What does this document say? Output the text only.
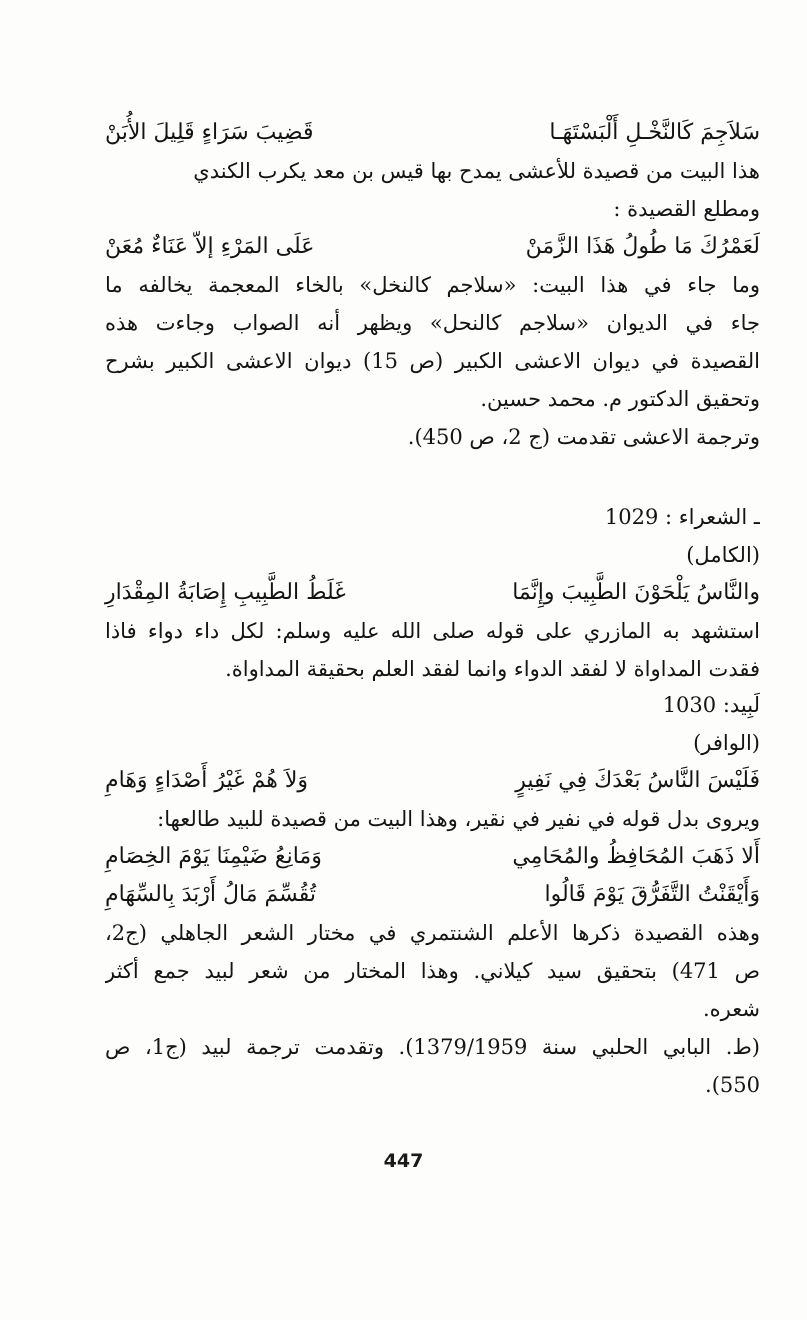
سَلاَجِمَ كَالنَّخْـلِ أَلْبَسْتَهَـا
قَضِيبَ سَرَاءٍ قَلِيلَ الأُبَنْ
هذا البيت من قصيدة للأعشى يمدح بها قيس بن معد يكرب الكندي
ومطلع القصيدة :
لَعَمْرُكَ مَا طُولُ هَذَا الزَّمَنْ
عَلَى المَرْءِ إلاّ عَنَاءٌ مُعَنْ
وما جاء في هذا البيت: «سلاجم كالنخل» بالخاء المعجمة يخالفه ما
جاء في الديوان «سلاجم كالنحل» ويظهر أنه الصواب وجاءت هذه
القصيدة في ديوان الاعشى الكبير (ص 15) ديوان الاعشى الكبير بشرح
وتحقيق الدكتور م. محمد حسين.
وترجمة الاعشى تقدمت (ج 2، ص 450).
ـ الشعراء : 1029
(الكامل)
والنَّاسُ يَلْحَوْنَ الطَّبِيبَ وإِنَّمَا
غَلَطُ الطَّبِيبِ إِصَابَةُ المِقْدَارِ
استشهد به المازري على قوله صلى الله عليه وسلم: لكل داء دواء فاذا
فقدت المداواة لا لفقد الدواء وانما لفقد العلم بحقيقة المداواة.
لَبِيد: 1030
(الوافر)
فَلَيْسَ النَّاسُ بَعْدَكَ فِي نَفِيرٍ
وَلاَ هُمْ غَيْرُ أَصْدَاءٍ وَهَامِ
ويروى بدل قوله في نفير في نقير، وهذا البيت من قصيدة للبيد طالعها:
أَلا ذَهَبَ المُحَافِظُ والمُحَامِي
وَمَانِعُ ضَيْمِنَا يَوْمَ الخِصَامِ
وَأَيْقَنْتُ التَّفَرُّقَ يَوْمَ قَالُوا
تُقُسِّمَ مَالُ أَرْبَدَ بِالسِّهَامِ
وهذه القصيدة ذكرها الأعلم الشنتمري في مختار الشعر الجاهلي (ج2،
ص 471) بتحقيق سيد كيلاني. وهذا المختار من شعر لبيد جمع أكثر
شعره.
(ط. البابي الحلبي سنة 1379/1959). وتقدمت ترجمة لبيد (ج1، ص
550).
447
